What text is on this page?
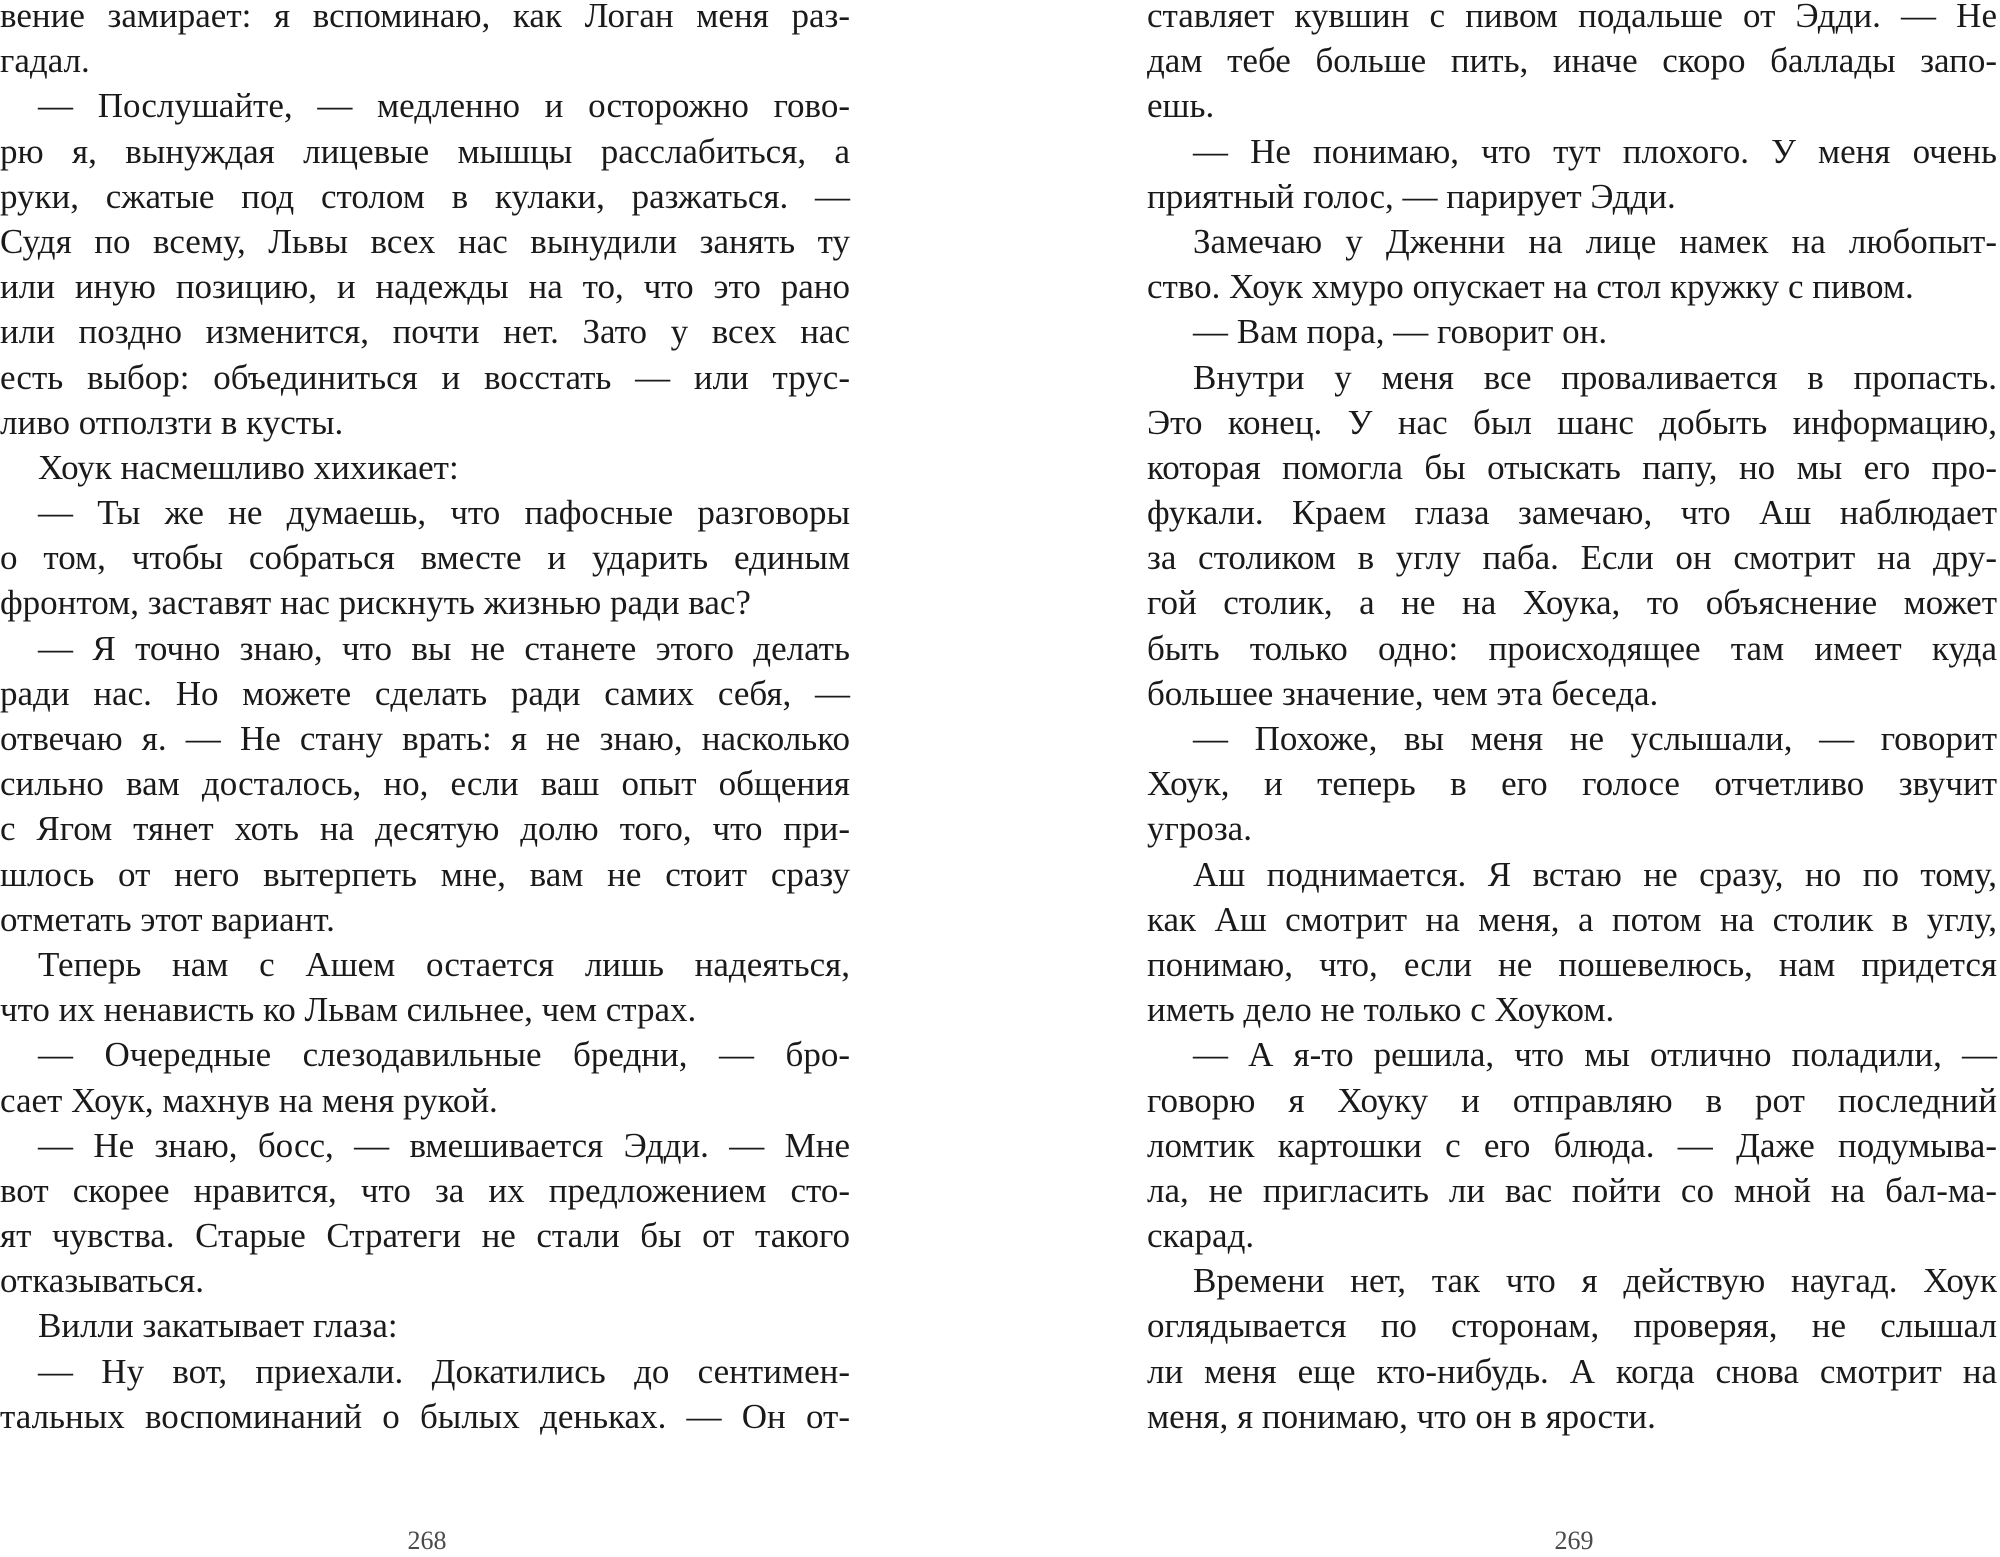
вение замирает: я вспоминаю, как Логан меня раз-
гадал.
— Послушайте, — медленно и осторожно гово-
рю я, вынуждая лицевые мышцы расслабиться, а
руки, сжатые под столом в кулаки, разжаться. —
Судя по всему, Львы всех нас вынудили занять ту
или иную позицию, и надежды на то, что это рано
или поздно изменится, почти нет. Зато у всех нас
есть выбор: объединиться и восстать — или трус-
ливо отползти в кусты.
Хоук насмешливо хихикает:
— Ты же не думаешь, что пафосные разговоры
о том, чтобы собраться вместе и ударить единым
фронтом, заставят нас рискнуть жизнью ради вас?
— Я точно знаю, что вы не станете этого делать
ради нас. Но можете сделать ради самих себя, —
отвечаю я. — Не стану врать: я не знаю, насколько
сильно вам досталось, но, если ваш опыт общения
с Ягом тянет хоть на десятую долю того, что при-
шлось от него вытерпеть мне, вам не стоит сразу
отметать этот вариант.
Теперь нам с Ашем остается лишь надеяться,
что их ненависть ко Львам сильнее, чем страх.
— Очередные слезодавильные бредни, — бро-
сает Хоук, махнув на меня рукой.
— Не знаю, босс, — вмешивается Эдди. — Мне
вот скорее нравится, что за их предложением сто-
ят чувства. Старые Стратеги не стали бы от такого
отказываться.
Вилли закатывает глаза:
— Ну вот, приехали. Докатились до сентимен-
тальных воспоминаний о былых деньках. — Он от-
268
ставляет кувшин с пивом подальше от Эдди. — Не
дам тебе больше пить, иначе скоро баллады запо-
ешь.
— Не понимаю, что тут плохого. У меня очень
приятный голос, — парирует Эдди.
Замечаю у Дженни на лице намек на любопыт-
ство. Хоук хмуро опускает на стол кружку с пивом.
— Вам пора, — говорит он.
Внутри у меня все проваливается в пропасть.
Это конец. У нас был шанс добыть информацию,
которая помогла бы отыскать папу, но мы его про-
фукали. Краем глаза замечаю, что Аш наблюдает
за столиком в углу паба. Если он смотрит на дру-
гой столик, а не на Хоука, то объяснение может
быть только одно: происходящее там имеет куда
большее значение, чем эта беседа.
— Похоже, вы меня не услышали, — говорит
Хоук, и теперь в его голосе отчетливо звучит
угроза.
Аш поднимается. Я встаю не сразу, но по тому,
как Аш смотрит на меня, а потом на столик в углу,
понимаю, что, если не пошевелюсь, нам придется
иметь дело не только с Хоуком.
— А я-то решила, что мы отлично поладили, —
говорю я Хоуку и отправляю в рот последний
ломтик картошки с его блюда. — Даже подумыва-
ла, не пригласить ли вас пойти со мной на бал-ма-
скарад.
Времени нет, так что я действую наугад. Хоук
оглядывается по сторонам, проверяя, не слышал
ли меня еще кто-нибудь. А когда снова смотрит на
меня, я понимаю, что он в ярости.
269
